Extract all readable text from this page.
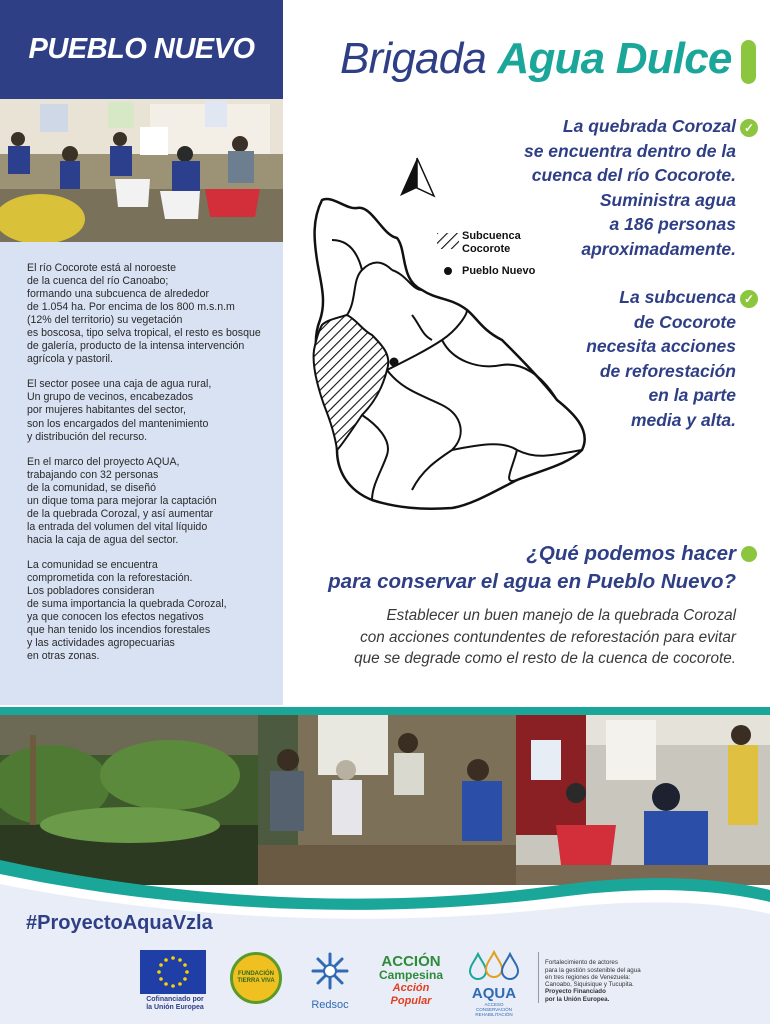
PUEBLO NUEVO

El río Cocorote está al noroeste
de la cuenca del río Canoabo;
formando una subcuenca de alrededor
de 1.054 ha. Por encima de los 800 m.s.n.m
(12% del territorio) su vegetación
es boscosa, tipo selva tropical, el resto es bosque
de galería, producto de la intensa intervención
agrícola y pastoril.

El sector posee una caja de agua rural,
Un grupo de vecinos, encabezados
por mujeres habitantes del sector,
son los encargados del mantenimiento
y distribución del recurso.

En el marco del proyecto AQUA,
trabajando con 32 personas
de la comunidad, se diseñó
un dique toma para mejorar la captación
de la quebrada Corozal, y así aumentar
la entrada del volumen del vital líquido
hacia la caja de agua del sector.

La comunidad se encuentra
comprometida con la reforestación.
Los pobladores consideran
de suma importancia la quebrada Corozal,
ya que conocen los efectos negativos
que han tenido los incendios forestales
y las actividades agropecuarias
en otras zonas.

Brigada Agua Dulce
La quebrada Corozal
se encuentra dentro de la
cuenca del río Cocorote.
Suministra agua
a 186 personas
aproximadamente.
✓
La subcuenca
de Cocorote
necesita acciones
de reforestación
en la parte
media y alta.
✓
Subcuenca
Cocorote
Pueblo Nuevo
¿Qué podemos hacer
para conservar el agua en Pueblo Nuevo?
Establecer un buen manejo de la quebrada Corozal
con acciones contundentes de reforestación para evitar
que se degrade como el resto de la cuenca de cocorote.
#ProyectoAquaVzla
Cofinanciado por
la Unión Europea
FUNDACIÓN
TIERRA VIVA
Redsoc
ACCIÓN
Campesina
Acción Popular	AQUA
ACCESO
CONSERVACIÓN
REHABILITACIÓN

Fortalecimiento de actores
para la gestión sostenible del agua
en tres regiones de Venezuela:
Canoabo, Siquisique y Tucupita.
Proyecto Financiado
por la Unión Europea.
